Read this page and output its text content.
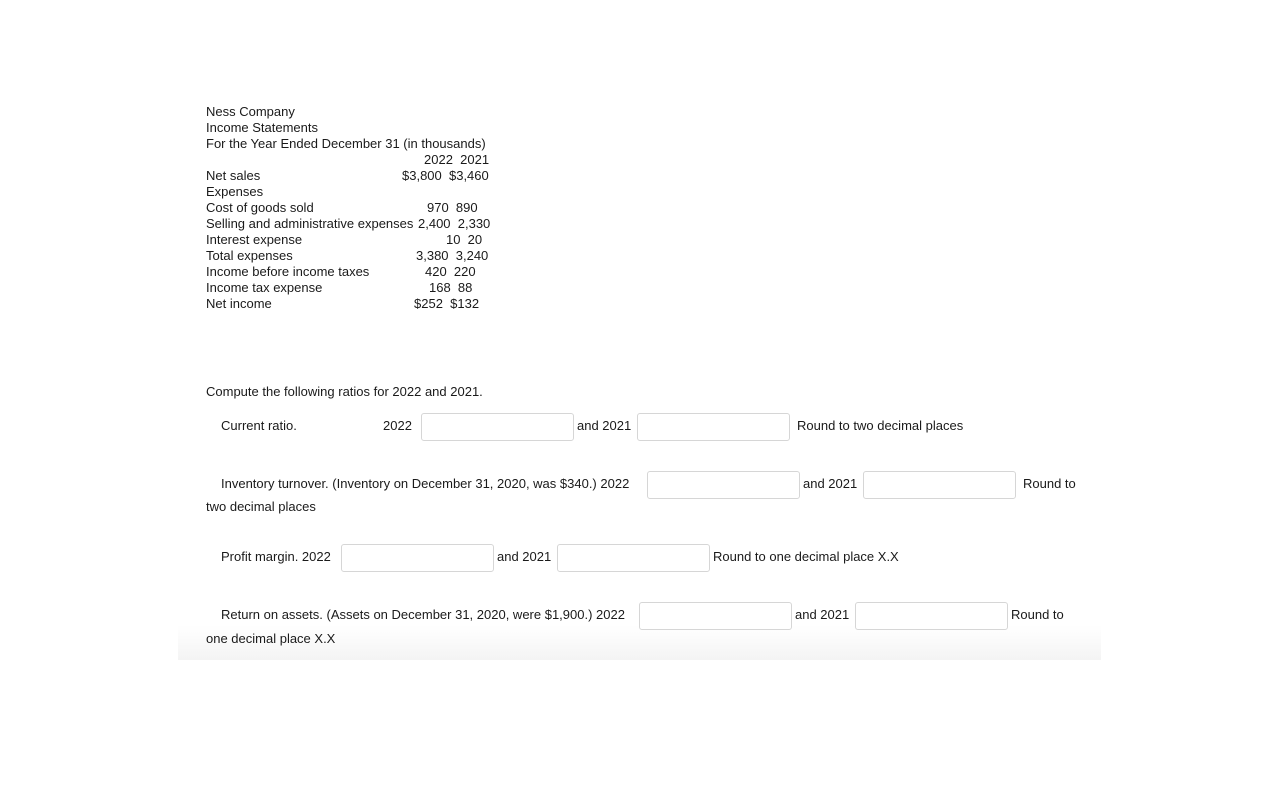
Ness Company
Income Statements
For the Year Ended December 31 (in thousands)
2022  2021
Net sales	$3,800  $3,460
Expenses
Cost of goods sold	970  890
Selling and administrative expenses 2,400  2,330
Interest expense	10  20
Total expenses	3,380  3,240
Income before income taxes	420  220
Income tax expense	168  88
Net income	$252  $132
Compute the following ratios for 2022 and 2021.
Current ratio.	2022	and 2021	Round to two decimal places
Inventory turnover. (Inventory on December 31, 2020, was $340.) 2022	and 2021	Round to
two decimal places
Profit margin. 2022	and 2021	Round to one decimal place X.X
Return on assets. (Assets on December 31, 2020, were $1,900.) 2022	and 2021	Round to
one decimal place X.X
